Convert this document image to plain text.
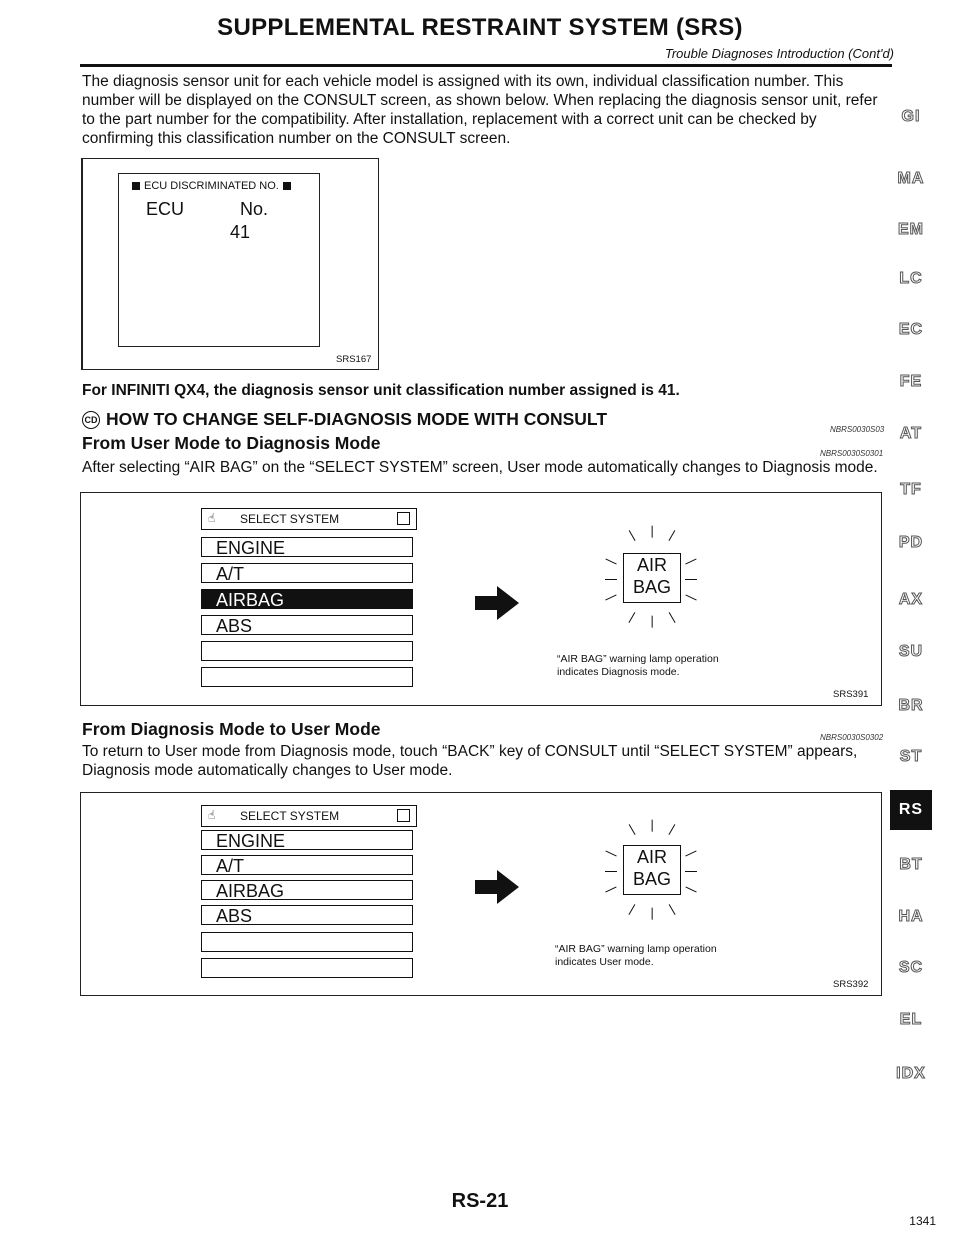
SUPPLEMENTAL RESTRAINT SYSTEM (SRS)
Trouble Diagnoses Introduction (Cont'd)
The diagnosis sensor unit for each vehicle model is assigned with its own, individual classification number. This number will be displayed on the CONSULT screen, as shown below. When replacing the diagnosis sensor unit, refer to the part number for the compatibility. After installation, replacement with a correct unit can be checked by confirming this classification number on the CONSULT screen.
ECU DISCRIMINATED NO.
ECU	No.
41
SRS167
For INFINITI QX4, the diagnosis sensor unit classification number assigned is 41.
CD HOW TO CHANGE SELF-DIAGNOSIS MODE WITH CONSULT
NBRS0030S03
From User Mode to Diagnosis Mode
NBRS0030S0301
After selecting “AIR BAG” on the “SELECT SYSTEM” screen, User mode automatically changes to Diagnosis mode.
☝ SELECT SYSTEM
ENGINE
A/T
AIRBAG
ABS
AIR
BAG
“AIR BAG” warning lamp operation
indicates Diagnosis mode.
SRS391
From Diagnosis Mode to User Mode	NBRS0030S0302
To return to User mode from Diagnosis mode, touch “BACK” key of CONSULT until “SELECT SYSTEM” appears, Diagnosis mode automatically changes to User mode.
☝ SELECT SYSTEM
ENGINE
A/T
AIRBAG
ABS
AIR
BAG
“AIR BAG” warning lamp operation
indicates User mode.
SRS392
GI
MA
EM
LC
EC
FE
AT
TF
PD
AX
SU
BR
ST
RS
BT
HA
SC
EL
IDX
RS-21
1341
